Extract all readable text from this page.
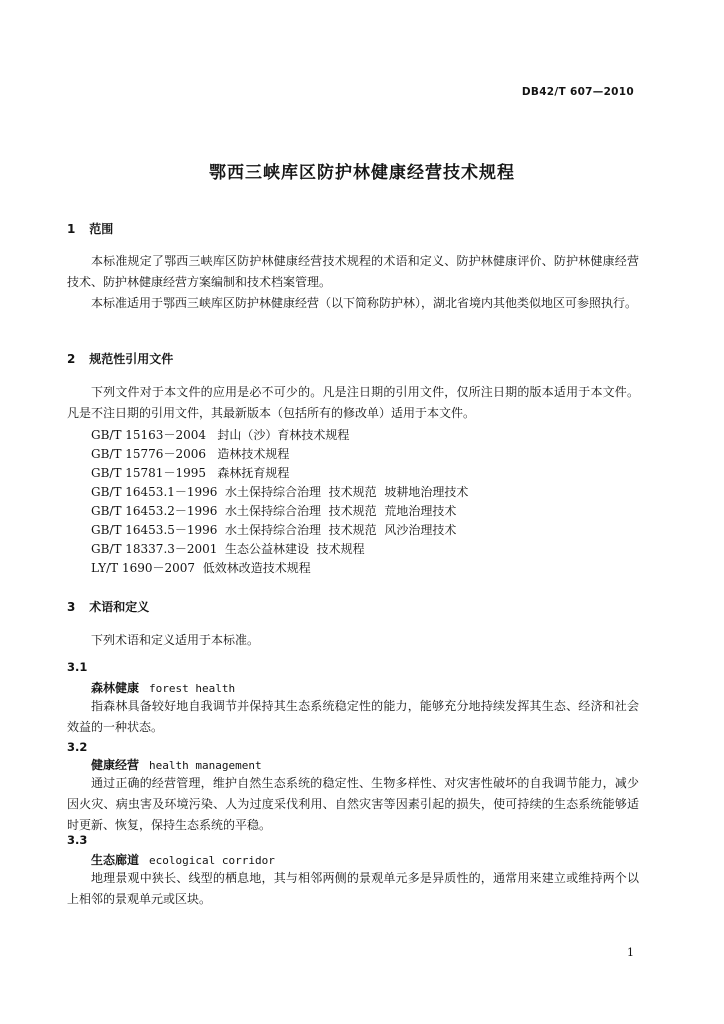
DB42/T 607—2010
鄂西三峡库区防护林健康经营技术规程
1 范围
本标准规定了鄂西三峡库区防护林健康经营技术规程的术语和定义、防护林健康评价、防护林健康经营技术、防护林健康经营方案编制和技术档案管理。
本标准适用于鄂西三峡库区防护林健康经营（以下简称防护林），湖北省境内其他类似地区可参照执行。
2 规范性引用文件
下列文件对于本文件的应用是必不可少的。凡是注日期的引用文件，仅所注日期的版本适用于本文件。凡是不注日期的引用文件，其最新版本（包括所有的修改单）适用于本文件。
GB/T 15163－2004   封山（沙）育林技术规程
GB/T 15776－2006   造林技术规程
GB/T 15781－1995   森林抚育规程
GB/T 16453.1－1996  水土保持综合治理  技术规范  坡耕地治理技术
GB/T 16453.2－1996  水土保持综合治理  技术规范  荒地治理技术
GB/T 16453.5－1996  水土保持综合治理  技术规范  风沙治理技术
GB/T 18337.3－2001  生态公益林建设  技术规程
LY/T 1690－2007  低效林改造技术规程
3 术语和定义
下列术语和定义适用于本标准。
3.1
森林健康 forest health
指森林具备较好地自我调节并保持其生态系统稳定性的能力，能够充分地持续发挥其生态、经济和社会效益的一种状态。
3.2
健康经营 health management
通过正确的经营管理，维护自然生态系统的稳定性、生物多样性、对灾害性破坏的自我调节能力，减少因火灾、病虫害及环境污染、人为过度采伐利用、自然灾害等因素引起的损失，使可持续的生态系统能够适时更新、恢复，保持生态系统的平稳。
3.3
生态廊道 ecological corridor
地理景观中狭长、线型的栖息地，其与相邻两侧的景观单元多是异质性的，通常用来建立或维持两个以上相邻的景观单元或区块。
1
